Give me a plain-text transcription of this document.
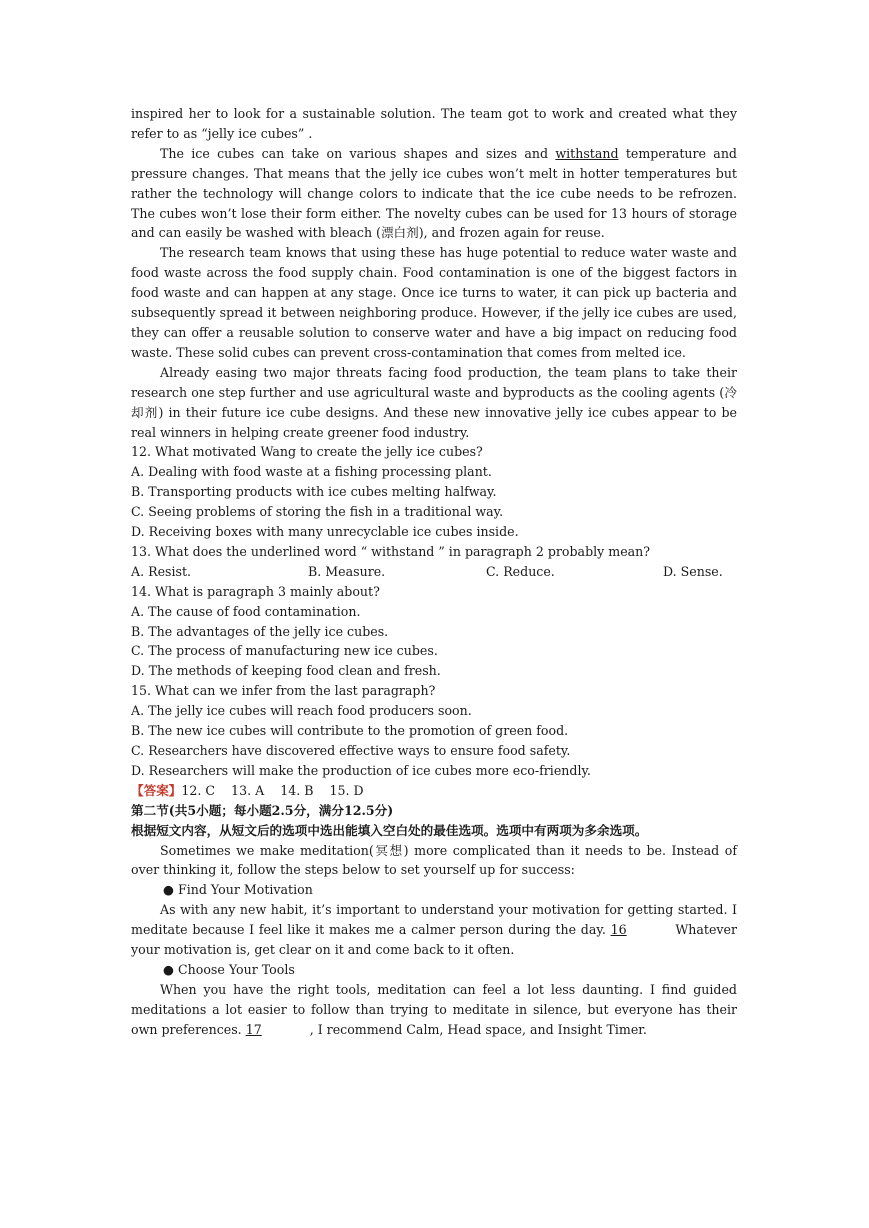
inspired her to look for a sustainable solution. The team got to work and created what they refer to as “jelly ice cubes” .

The ice cubes can take on various shapes and sizes and withstand temperature and pressure changes. That means that the jelly ice cubes won’t melt in hotter temperatures but rather the technology will change colors to indicate that the ice cube needs to be refrozen. The cubes won’t lose their form either. The novelty cubes can be used for 13 hours of storage and can easily be washed with bleach (漂白剂), and frozen again for reuse.

The research team knows that using these has huge potential to reduce water waste and food waste across the food supply chain. Food contamination is one of the biggest factors in food waste and can happen at any stage. Once ice turns to water, it can pick up bacteria and subsequently spread it between neighboring produce. However, if the jelly ice cubes are used, they can offer a reusable solution to conserve water and have a big impact on reducing food waste. These solid cubes can prevent cross-contamination that comes from melted ice.

Already easing two major threats facing food production, the team plans to take their research one step further and use agricultural waste and byproducts as the cooling agents (冷却剂) in their future ice cube designs. And these new innovative jelly ice cubes appear to be real winners in helping create greener food industry.

12. What motivated Wang to create the jelly ice cubes?

A. Dealing with food waste at a fishing processing plant.

B. Transporting products with ice cubes melting halfway.

C. Seeing problems of storing the fish in a traditional way.

D. Receiving boxes with many unrecyclable ice cubes inside.

13. What does the underlined word “ withstand ” in paragraph 2 probably mean?

A. Resist.	B. Measure.	C. Reduce.	D. Sense.

14. What is paragraph 3 mainly about?

A. The cause of food contamination.

B. The advantages of the jelly ice cubes.

C. The process of manufacturing new ice cubes.

D. The methods of keeping food clean and fresh.

15. What can we infer from the last paragraph?

A. The jelly ice cubes will reach food producers soon.

B. The new ice cubes will contribute to the promotion of green food.

C. Researchers have discovered effective ways to ensure food safety.

D. Researchers will make the production of ice cubes more eco-friendly.

【答案】12. C    13. A    14. B    15. D

第二节(共5小题；每小题2.5分，满分12.5分)

根据短文内容，从短文后的选项中选出能填入空白处的最佳选项。选项中有两项为多余选项。

Sometimes we make meditation(冥想) more complicated than it needs to be. Instead of over thinking it, follow the steps below to set yourself up for success:

● Find Your Motivation

As with any new habit, it’s important to understand your motivation for getting started. I meditate because I feel like it makes me a calmer person during the day. 16	Whatever your motivation is, get clear on it and come back to it often.

● Choose Your Tools

When you have the right tools, meditation can feel a lot less daunting. I find guided meditations a lot easier to follow than trying to meditate in silence, but everyone has their own preferences. 17	, I recommend Calm, Head space, and Insight Timer.
